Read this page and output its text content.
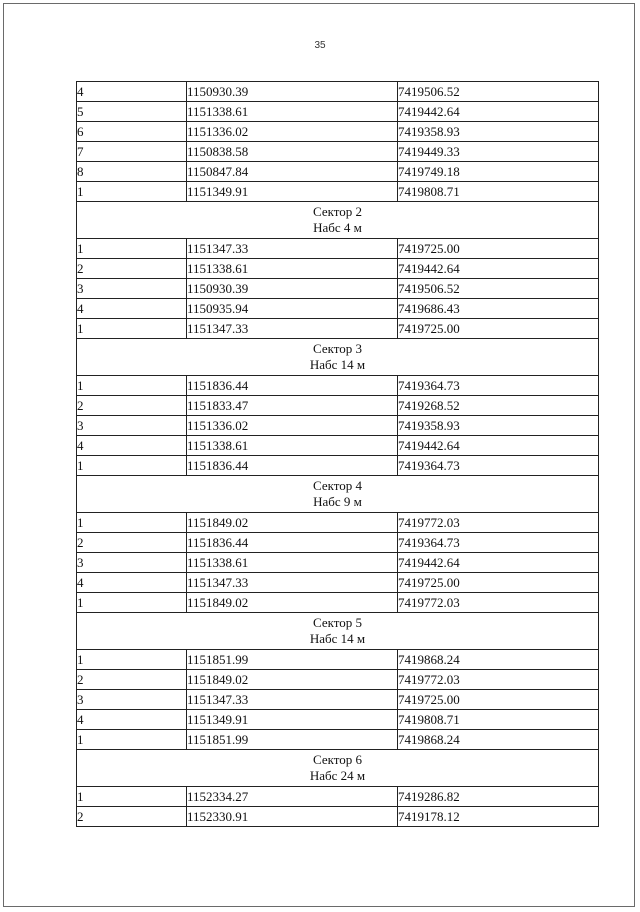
35
4	1150930.39	7419506.52
5	1151338.61	7419442.64
6	1151336.02	7419358.93
7	1150838.58	7419449.33
8	1150847.84	7419749.18
1	1151349.91	7419808.71

Сектор 2
Набс 4 м		

1	1151347.33	7419725.00
2	1151338.61	7419442.64
3	1150930.39	7419506.52
4	1150935.94	7419686.43
1	1151347.33	7419725.00

Сектор 3
Набс 14 м		

1	1151836.44	7419364.73
2	1151833.47	7419268.52
3	1151336.02	7419358.93
4	1151338.61	7419442.64
1	1151836.44	7419364.73

Сектор 4
Набс 9 м		

1	1151849.02	7419772.03
2	1151836.44	7419364.73
3	1151338.61	7419442.64
4	1151347.33	7419725.00
1	1151849.02	7419772.03

Сектор 5
Набс 14 м		

1	1151851.99	7419868.24
2	1151849.02	7419772.03
3	1151347.33	7419725.00
4	1151349.91	7419808.71
1	1151851.99	7419868.24

Сектор 6
Набс 24 м		

1	1152334.27	7419286.82
2	1152330.91	7419178.12
